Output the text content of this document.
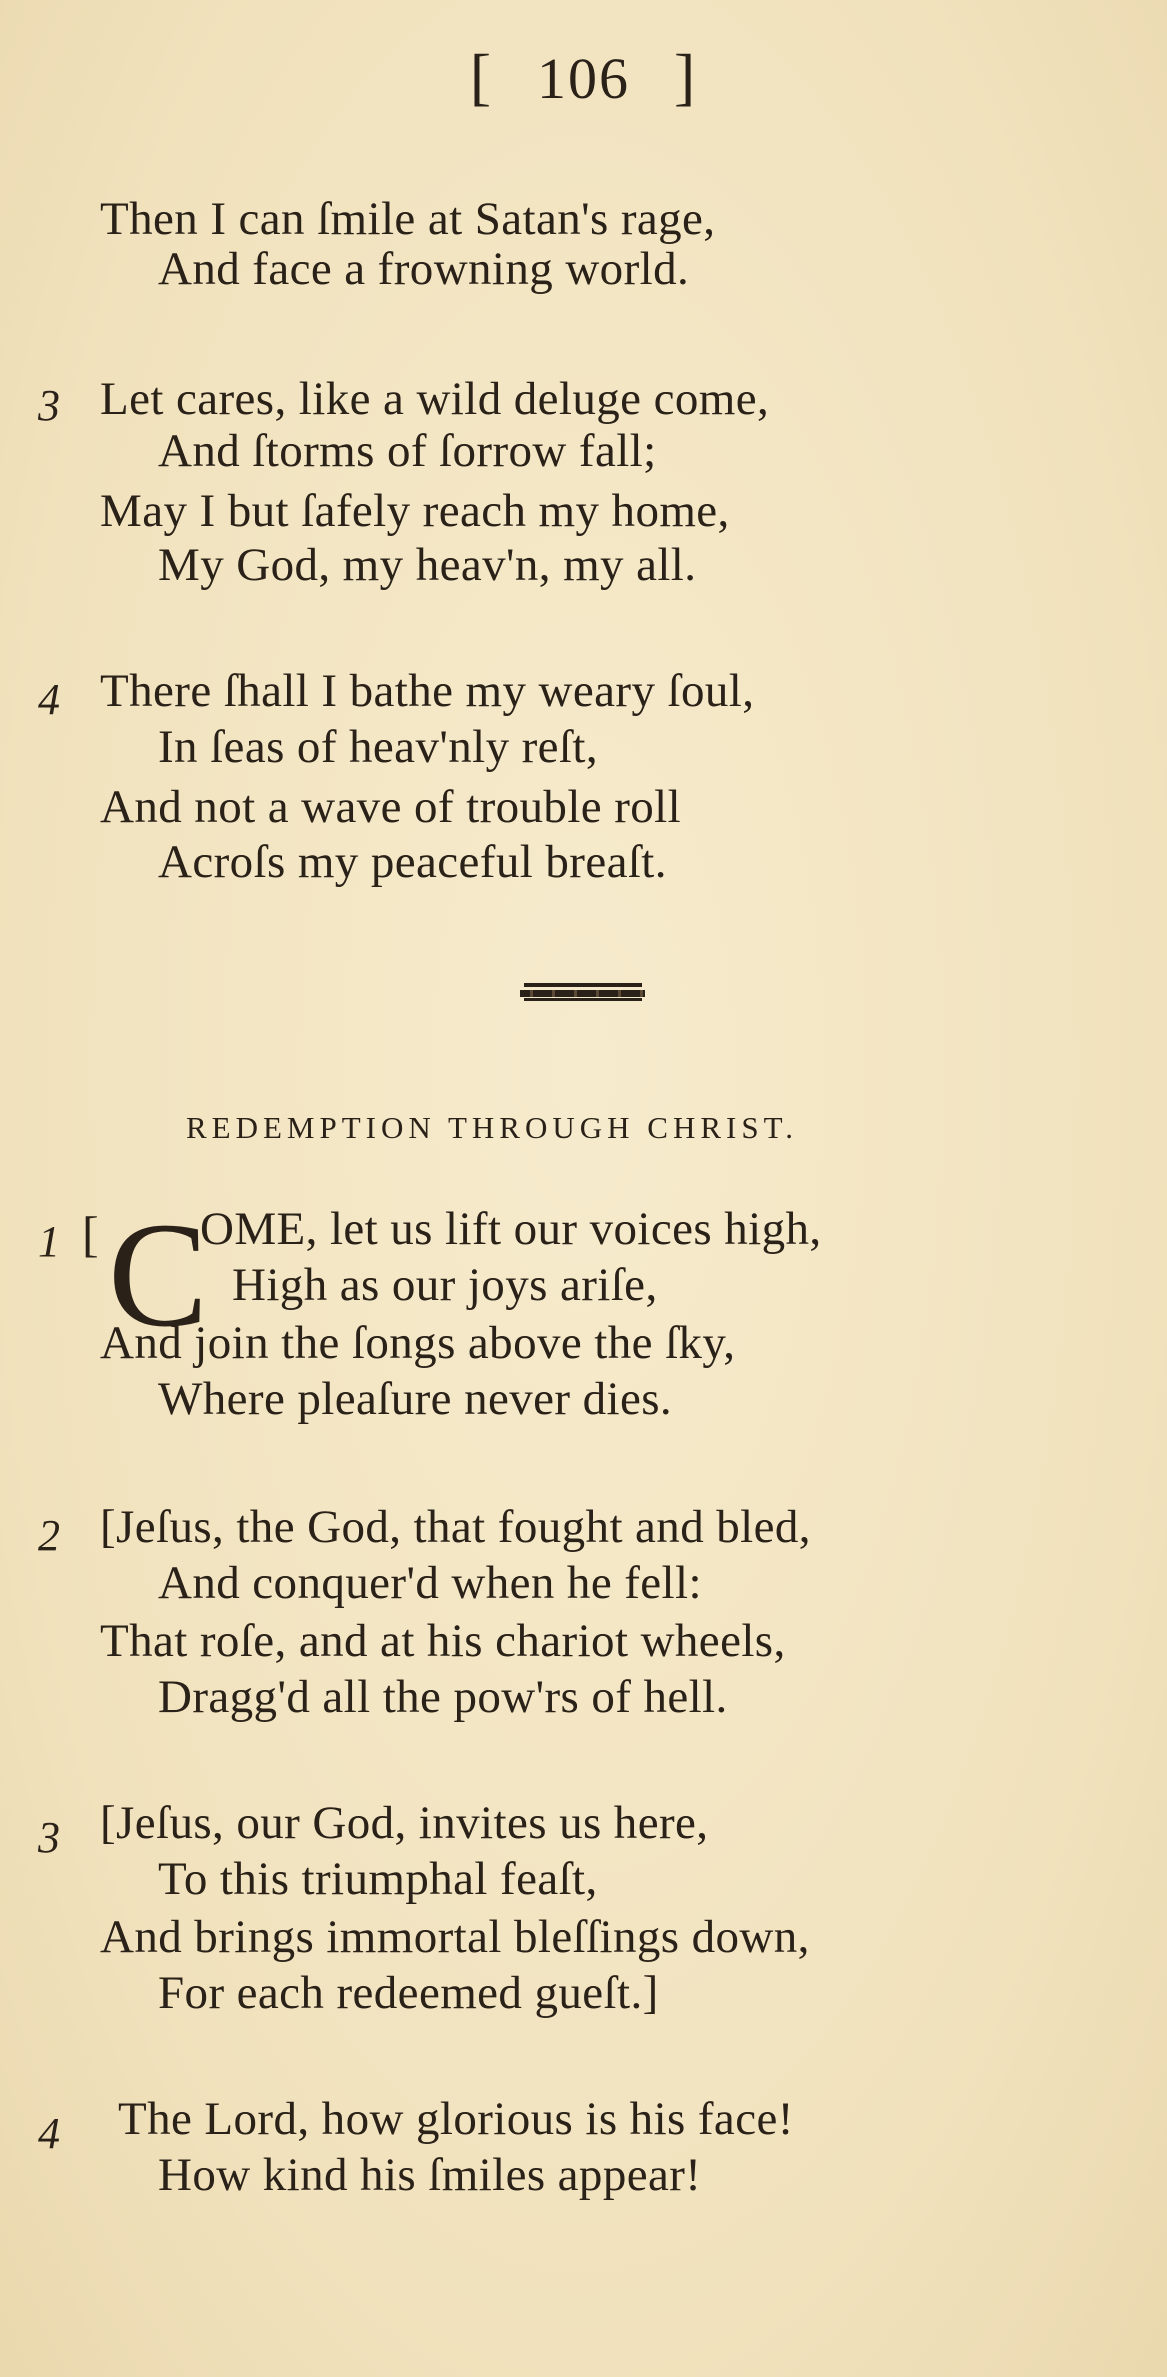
[ 106 ]
Then I can ſmile at Satan's rage,
And face a frowning world.
3 Let cares, like a wild deluge come,
And ſtorms of ſorrow fall;
May I but ſafely reach my home,
My God, my heav'n, my all.
4 There ſhall I bathe my weary ſoul,
In ſeas of heav'nly reſt,
And not a wave of trouble roll
Acroſs my peaceful breaſt.
REDEMPTION THROUGH CHRIST.
1 [ C
OME, let us lift our voices high,
High as our joys ariſe,
And join the ſongs above the ſky,
Where pleaſure never dies.
2 [Jeſus, the God, that fought and bled,
And conquer'd when he fell:
That roſe, and at his chariot wheels,
Dragg'd all the pow'rs of hell.
3 [Jeſus, our God, invites us here,
To this triumphal feaſt,
And brings immortal bleſſings down,
For each redeemed gueſt.]
4 The Lord, how glorious is his face!
How kind his ſmiles appear!
